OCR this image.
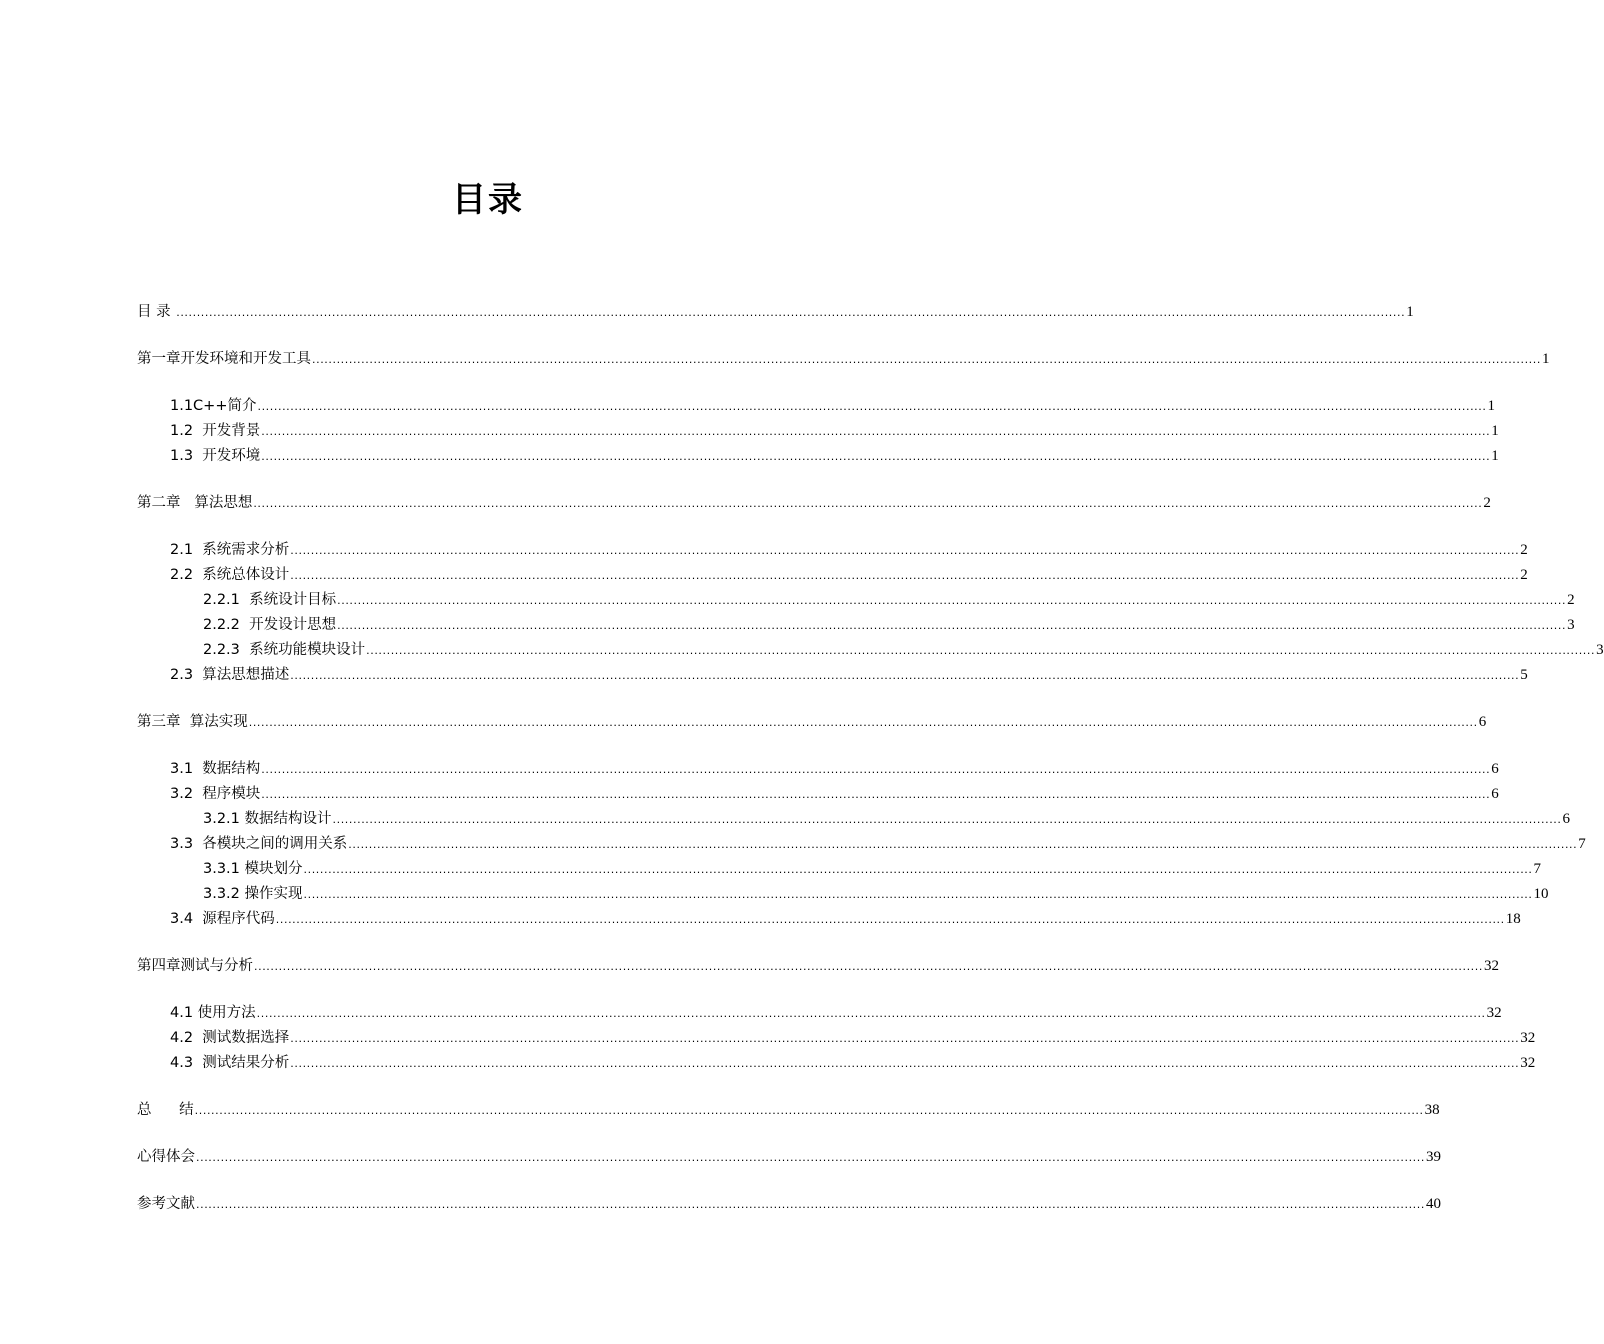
目录
目 录 ............................................................................................................................................................................................................................................................................................................ 1
第一章开发环境和开发工具 ............................................................................................................................................................................................................................................................................................................ 1
1.1C++简介 ............................................................................................................................................................................................................................................................................................................ 1
1.2  开发背景 ............................................................................................................................................................................................................................................................................................................ 1
1.3  开发环境 ............................................................................................................................................................................................................................................................................................................ 1
第二章   算法思想 ............................................................................................................................................................................................................................................................................................................ 2
2.1  系统需求分析 ............................................................................................................................................................................................................................................................................................................ 2
2.2  系统总体设计 ............................................................................................................................................................................................................................................................................................................ 2
2.2.1  系统设计目标 ............................................................................................................................................................................................................................................................................................................ 2
2.2.2  开发设计思想 ............................................................................................................................................................................................................................................................................................................ 3
2.2.3  系统功能模块设计 ............................................................................................................................................................................................................................................................................................................ 3
2.3  算法思想描述 ............................................................................................................................................................................................................................................................................................................ 5
第三章  算法实现 ............................................................................................................................................................................................................................................................................................................ 6
3.1  数据结构 ............................................................................................................................................................................................................................................................................................................ 6
3.2  程序模块 ............................................................................................................................................................................................................................................................................................................ 6
3.2.1 数据结构设计 ............................................................................................................................................................................................................................................................................................................ 6
3.3  各模块之间的调用关系 ............................................................................................................................................................................................................................................................................................................ 7
3.3.1 模块划分 ............................................................................................................................................................................................................................................................................................................ 7
3.3.2 操作实现 ............................................................................................................................................................................................................................................................................................................ 10
3.4  源程序代码 ............................................................................................................................................................................................................................................................................................................ 18
第四章测试与分析 ............................................................................................................................................................................................................................................................................................................ 32
4.1 使用方法 ............................................................................................................................................................................................................................................................................................................ 32
4.2  测试数据选择 ............................................................................................................................................................................................................................................................................................................ 32
4.3  测试结果分析 ............................................................................................................................................................................................................................................................................................................ 32
总      结 ............................................................................................................................................................................................................................................................................................................ 38
心得体会 ............................................................................................................................................................................................................................................................................................................ 39
参考文献 ............................................................................................................................................................................................................................................................................................................ 40
